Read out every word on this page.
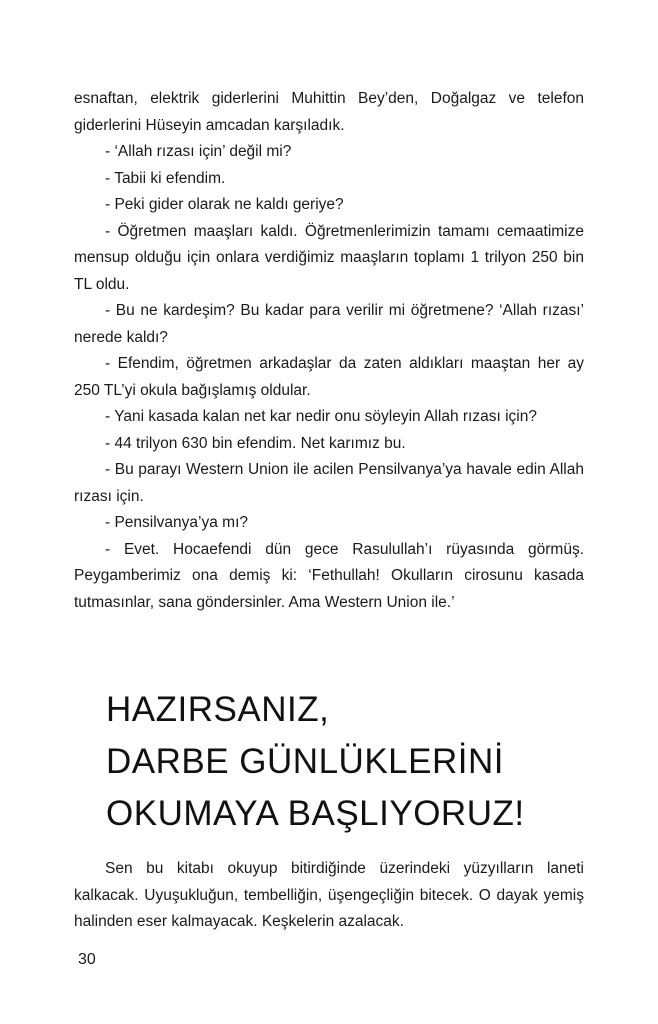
esnaftan, elektrik giderlerini Muhittin Bey’den, Doğalgaz ve telefon giderlerini Hüseyin amcadan karşıladık.

- ‘Allah rızası için’ değil mi?

- Tabii ki efendim.

- Peki gider olarak ne kaldı geriye?

- Öğretmen maaşları kaldı. Öğretmenlerimizin tamamı cemaatimize mensup olduğu için onlara verdiğimiz maaşların toplamı 1 trilyon 250 bin TL oldu.

- Bu ne kardeşim? Bu kadar para verilir mi öğretmene? ‘Allah rızası’ nerede kaldı?

- Efendim, öğretmen arkadaşlar da zaten aldıkları maaştan her ay 250 TL’yi okula bağışlamış oldular.

- Yani kasada kalan net kar nedir onu söyleyin Allah rızası için?

- 44 trilyon 630 bin efendim. Net karımız bu.

- Bu parayı Western Union ile acilen Pensilvanya’ya havale edin Allah rızası için.

- Pensilvanya’ya mı?

- Evet. Hocaefendi dün gece Rasulullah’ı rüyasında görmüş. Peygamberimiz ona demiş ki: ‘Fethullah! Okulların cirosunu kasada tutmasınlar, sana göndersinler. Ama Western Union ile.’

HAZIRSANIZ,
DARBE GÜNLÜKLERİNİ
OKUMAYA BAŞLIYORUZ!

Sen bu kitabı okuyup bitirdiğinde üzerindeki yüzyılların laneti kalkacak. Uyuşukluğun, tembelliğin, üşengeçliğin bitecek. O dayak yemiş halinden eser kalmayacak. Keşkelerin azalacak.

30
